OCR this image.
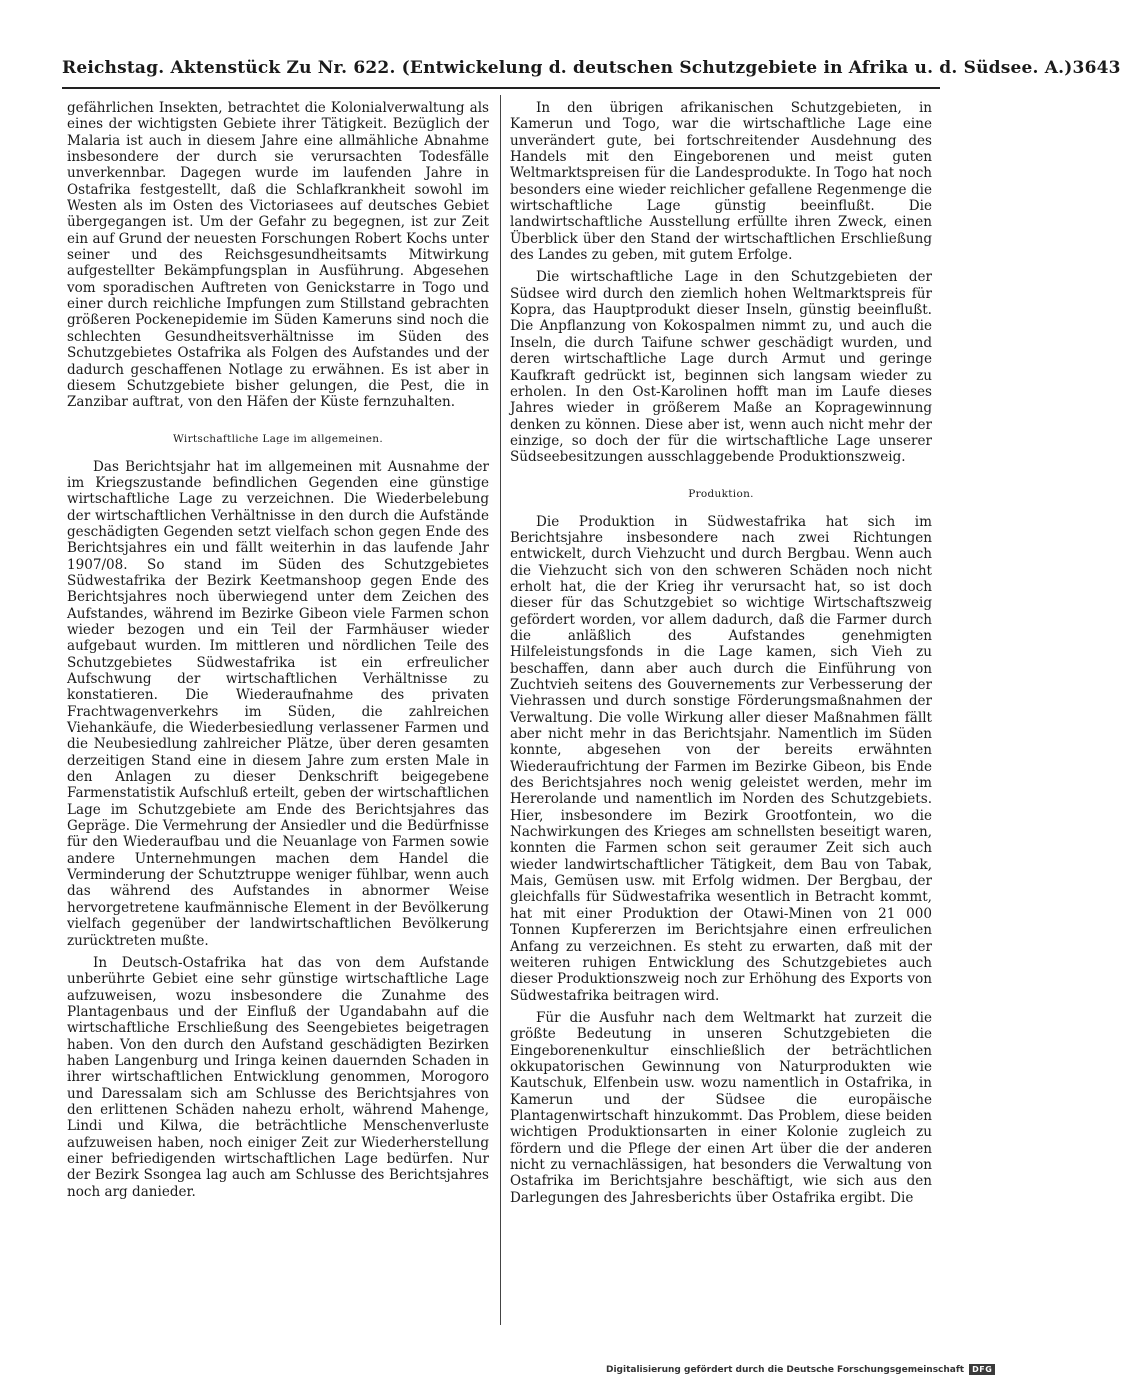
Reichstag. Aktenstück Zu Nr. 622. (Entwickelung d. deutschen Schutzgebiete in Afrika u. d. Südsee. A.) 3643

gefährlichen Insekten, betrachtet die Kolonialverwaltung als eines der wichtigsten Gebiete ihrer Tätigkeit. Bezüglich der Malaria ist auch in diesem Jahre eine allmähliche Abnahme insbesondere der durch sie verursachten Todesfälle unverkennbar. Dagegen wurde im laufenden Jahre in Ostafrika festgestellt, daß die Schlafkrankheit sowohl im Westen als im Osten des Victoriasees auf deutsches Gebiet übergegangen ist. Um der Gefahr zu begegnen, ist zur Zeit ein auf Grund der neuesten Forschungen Robert Kochs unter seiner und des Reichsgesundheitsamts Mitwirkung aufgestellter Bekämpfungsplan in Ausführung. Abgesehen vom sporadischen Auftreten von Genickstarre in Togo und einer durch reichliche Impfungen zum Stillstand gebrachten größeren Pockenepidemie im Süden Kameruns sind noch die schlechten Gesundheitsverhältnisse im Süden des Schutzgebietes Ostafrika als Folgen des Aufstandes und der dadurch geschaffenen Notlage zu erwähnen. Es ist aber in diesem Schutzgebiete bisher gelungen, die Pest, die in Zanzibar auftrat, von den Häfen der Küste fernzuhalten.

Wirtschaftliche Lage im allgemeinen.

Das Berichtsjahr hat im allgemeinen mit Ausnahme der im Kriegszustande befindlichen Gegenden eine günstige wirtschaftliche Lage zu verzeichnen. Die Wiederbelebung der wirtschaftlichen Verhältnisse in den durch die Aufstände geschädigten Gegenden setzt vielfach schon gegen Ende des Berichtsjahres ein und fällt weiterhin in das laufende Jahr 1907/08. So stand im Süden des Schutzgebietes Südwestafrika der Bezirk Keetmanshoop gegen Ende des Berichtsjahres noch überwiegend unter dem Zeichen des Aufstandes, während im Bezirke Gibeon viele Farmen schon wieder bezogen und ein Teil der Farmhäuser wieder aufgebaut wurden. Im mittleren und nördlichen Teile des Schutzgebietes Südwestafrika ist ein erfreulicher Aufschwung der wirtschaftlichen Verhältnisse zu konstatieren. Die Wiederaufnahme des privaten Frachtwagenverkehrs im Süden, die zahlreichen Viehankäufe, die Wiederbesiedlung verlassener Farmen und die Neubesiedlung zahlreicher Plätze, über deren gesamten derzeitigen Stand eine in diesem Jahre zum ersten Male in den Anlagen zu dieser Denkschrift beigegebene Farmenstatistik Aufschluß erteilt, geben der wirtschaftlichen Lage im Schutzgebiete am Ende des Berichtsjahres das Gepräge. Die Vermehrung der Ansiedler und die Bedürfnisse für den Wiederaufbau und die Neuanlage von Farmen sowie andere Unternehmungen machen dem Handel die Verminderung der Schutztruppe weniger fühlbar, wenn auch das während des Aufstandes in abnormer Weise hervorgetretene kaufmännische Element in der Bevölkerung vielfach gegenüber der landwirtschaftlichen Bevölkerung zurücktreten mußte.

In Deutsch-Ostafrika hat das von dem Aufstande unberührte Gebiet eine sehr günstige wirtschaftliche Lage aufzuweisen, wozu insbesondere die Zunahme des Plantagenbaus und der Einfluß der Ugandabahn auf die wirtschaftliche Erschließung des Seengebietes beigetragen haben. Von den durch den Aufstand geschädigten Bezirken haben Langenburg und Iringa keinen dauernden Schaden in ihrer wirtschaftlichen Entwicklung genommen, Morogoro und Daressalam sich am Schlusse des Berichtsjahres von den erlittenen Schäden nahezu erholt, während Mahenge, Lindi und Kilwa, die beträchtliche Menschenverluste aufzuweisen haben, noch einiger Zeit zur Wiederherstellung einer befriedigenden wirtschaftlichen Lage bedürfen. Nur der Bezirk Ssongea lag auch am Schlusse des Berichtsjahres noch arg danieder.

In den übrigen afrikanischen Schutzgebieten, in Kamerun und Togo, war die wirtschaftliche Lage eine unverändert gute, bei fortschreitender Ausdehnung des Handels mit den Eingeborenen und meist guten Weltmarktspreisen für die Landesprodukte. In Togo hat noch besonders eine wieder reichlicher gefallene Regenmenge die wirtschaftliche Lage günstig beeinflußt. Die landwirtschaftliche Ausstellung erfüllte ihren Zweck, einen Überblick über den Stand der wirtschaftlichen Erschließung des Landes zu geben, mit gutem Erfolge.

Die wirtschaftliche Lage in den Schutzgebieten der Südsee wird durch den ziemlich hohen Weltmarktspreis für Kopra, das Hauptprodukt dieser Inseln, günstig beeinflußt. Die Anpflanzung von Kokospalmen nimmt zu, und auch die Inseln, die durch Taifune schwer geschädigt wurden, und deren wirtschaftliche Lage durch Armut und geringe Kaufkraft gedrückt ist, beginnen sich langsam wieder zu erholen. In den Ost-Karolinen hofft man im Laufe dieses Jahres wieder in größerem Maße an Kopragewinnung denken zu können. Diese aber ist, wenn auch nicht mehr der einzige, so doch der für die wirtschaftliche Lage unserer Südseebesitzungen ausschlaggebende Produktionszweig.

Produktion.

Die Produktion in Südwestafrika hat sich im Berichtsjahre insbesondere nach zwei Richtungen entwickelt, durch Viehzucht und durch Bergbau. Wenn auch die Viehzucht sich von den schweren Schäden noch nicht erholt hat, die der Krieg ihr verursacht hat, so ist doch dieser für das Schutzgebiet so wichtige Wirtschaftszweig gefördert worden, vor allem dadurch, daß die Farmer durch die anläßlich des Aufstandes genehmigten Hilfeleistungsfonds in die Lage kamen, sich Vieh zu beschaffen, dann aber auch durch die Einführung von Zuchtvieh seitens des Gouvernements zur Verbesserung der Viehrassen und durch sonstige Förderungsmaßnahmen der Verwaltung. Die volle Wirkung aller dieser Maßnahmen fällt aber nicht mehr in das Berichtsjahr. Namentlich im Süden konnte, abgesehen von der bereits erwähnten Wiederaufrichtung der Farmen im Bezirke Gibeon, bis Ende des Berichtsjahres noch wenig geleistet werden, mehr im Hererolande und namentlich im Norden des Schutzgebiets. Hier, insbesondere im Bezirk Grootfontein, wo die Nachwirkungen des Krieges am schnellsten beseitigt waren, konnten die Farmen schon seit geraumer Zeit sich auch wieder landwirtschaftlicher Tätigkeit, dem Bau von Tabak, Mais, Gemüsen usw. mit Erfolg widmen. Der Bergbau, der gleichfalls für Südwestafrika wesentlich in Betracht kommt, hat mit einer Produktion der Otawi-Minen von 21 000 Tonnen Kupfererzen im Berichtsjahre einen erfreulichen Anfang zu verzeichnen. Es steht zu erwarten, daß mit der weiteren ruhigen Entwicklung des Schutzgebietes auch dieser Produktionszweig noch zur Erhöhung des Exports von Südwestafrika beitragen wird.

Für die Ausfuhr nach dem Weltmarkt hat zurzeit die größte Bedeutung in unseren Schutzgebieten die Eingeborenenkultur einschließlich der beträchtlichen okkupatorischen Gewinnung von Naturprodukten wie Kautschuk, Elfenbein usw. wozu namentlich in Ostafrika, in Kamerun und der Südsee die europäische Plantagenwirtschaft hinzukommt. Das Problem, diese beiden wichtigen Produktionsarten in einer Kolonie zugleich zu fördern und die Pflege der einen Art über die der anderen nicht zu vernachlässigen, hat besonders die Verwaltung von Ostafrika im Berichtsjahre beschäftigt, wie sich aus den Darlegungen des Jahresberichts über Ostafrika ergibt. Die

Digitalisierung gefördert durch die Deutsche Forschungsgemeinschaft	DFG
